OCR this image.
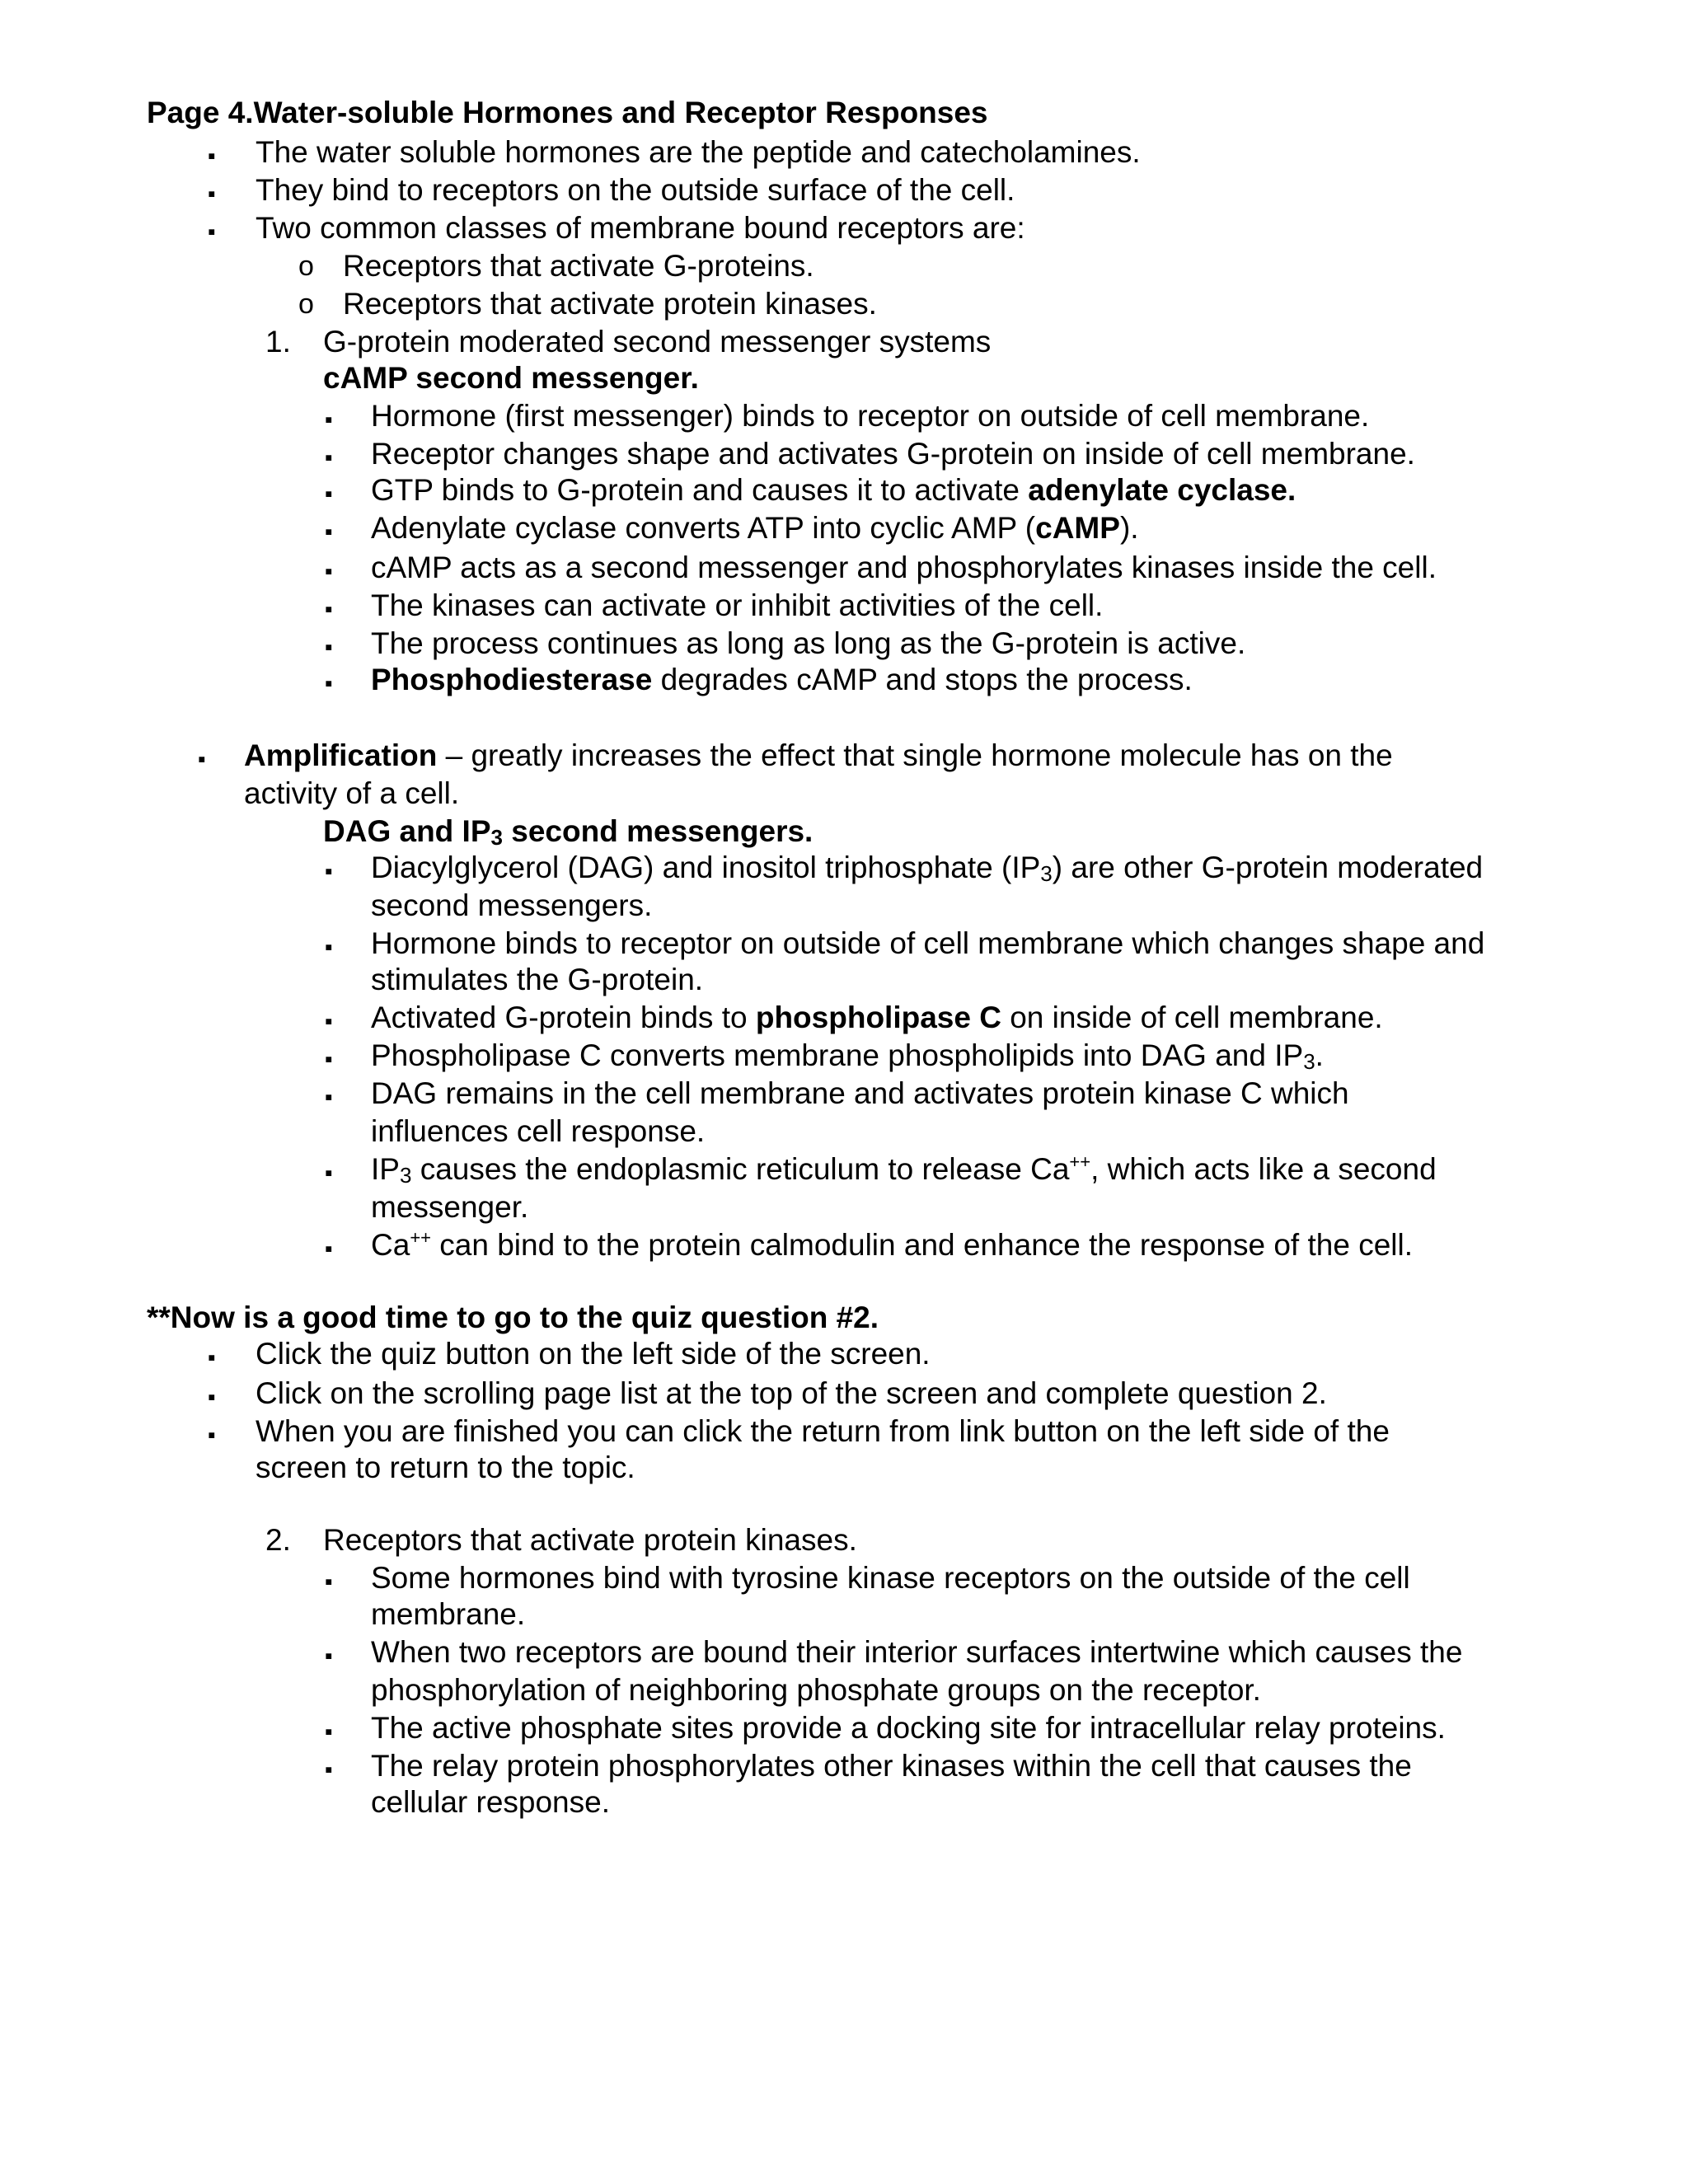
Page 4.Water-soluble Hormones and Receptor Responses
▪
The water soluble hormones are the peptide and catecholamines.
▪
They bind to receptors on the outside surface of the cell.
▪
Two common classes of membrane bound receptors are:
o
Receptors that activate G-proteins.
o
Receptors that activate protein kinases.
1. G-protein moderated second messenger systems
cAMP second messenger.
▪
Hormone (first messenger) binds to receptor on outside of cell membrane.
▪
Receptor changes shape and activates G-protein on inside of cell membrane.
▪
GTP binds to G-protein and causes it to activate adenylate cyclase.
▪
Adenylate cyclase converts ATP into cyclic AMP (cAMP).
▪
cAMP acts as a second messenger and phosphorylates kinases inside the cell.
▪
The kinases can activate or inhibit activities of the cell.
▪
The process continues as long as long as the G-protein is active.
▪
Phosphodiesterase degrades cAMP and stops the process.
▪
Amplification – greatly increases the effect that single hormone molecule has on the
activity of a cell.
DAG and $IP_3$ second messengers.
▪
Diacylglycerol (DAG) and inositol triphosphate $(IP_3)$ are other G-protein moderated
second messengers.
▪
Hormone binds to receptor on outside of cell membrane which changes shape and
stimulates the G-protein.
▪
Activated G-protein binds to phospholipase C on inside of cell membrane.
▪
Phospholipase C converts membrane phospholipids into DAG and $IP_3$.
▪
DAG remains in the cell membrane and activates protein kinase C which
influences cell response.
▪
$IP_3$ causes the endoplasmic reticulum to release Ca++, which acts like a second
messenger.
▪
Ca++ can bind to the protein calmodulin and enhance the response of the cell.
**Now is a good time to go to the quiz question #2.
▪
Click the quiz button on the left side of the screen.
▪
Click on the scrolling page list at the top of the screen and complete question 2.
▪
When you are finished you can click the return from link button on the left side of the
screen to return to the topic.
2. Receptors that activate protein kinases.
▪
Some hormones bind with tyrosine kinase receptors on the outside of the cell
membrane.
▪
When two receptors are bound their interior surfaces intertwine which causes the
phosphorylation of neighboring phosphate groups on the receptor.
▪
The active phosphate sites provide a docking site for intracellular relay proteins.
▪
The relay protein phosphorylates other kinases within the cell that causes the
cellular response.
